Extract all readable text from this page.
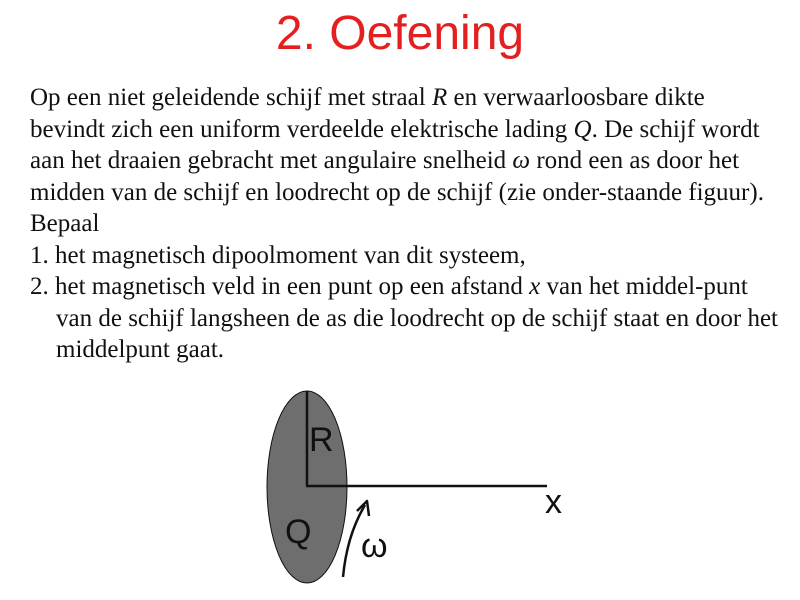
2. Oefening

Op een niet geleidende schijf met straal R en verwaarloosbare dikte bevindt zich een uniform verdeelde elektrische lading Q. De schijf wordt aan het draaien gebracht met angulaire snelheid ω rond een as door het midden van de schijf en loodrecht op de schijf (zie onder-staande figuur). Bepaal

1. het magnetisch dipoolmoment van dit systeem,
2. het magnetisch veld in een punt op een afstand x van het middel-punt van de schijf langsheen de as die loodrecht op de schijf staat en door het middelpunt gaat.
R
x
Q ω
